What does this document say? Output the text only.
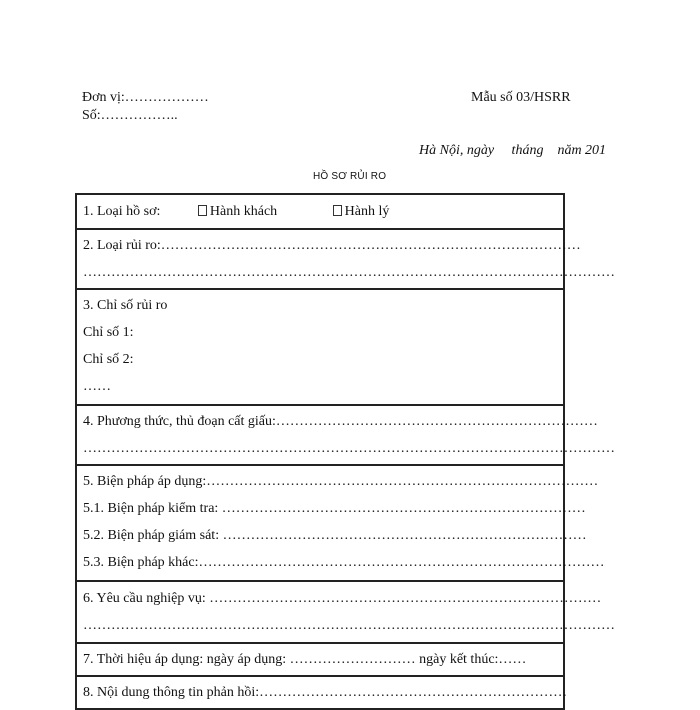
Đơn vị:………………
Số:……………..
Mẫu số 03/HSRR
Hà Nội, ngày     tháng    năm 201
HỒ SƠ RỦI RO
1. Loại hồ sơ:	Hành khách	Hành lý
2. Loại rủi ro:………………………………………………………………………………
……………………………………………………………………………………………………
3. Chỉ số rủi ro
Chỉ số 1:
Chỉ số 2:
……
4. Phương thức, thủ đoạn cất giấu:……………………………………………………………
……………………………………………………………………………………………………
5. Biện pháp áp dụng:…………………………………………………………………………
5.1. Biện pháp kiểm tra: ……………………………………………………………………
5.2. Biện pháp giám sát: ……………………………………………………………………
5.3. Biện pháp khác:……………………………………………………………………………
6. Yêu cầu nghiệp vụ: …………………………………………………………………………
……………………………………………………………………………………………………
7. Thời hiệu áp dụng: ngày áp dụng: ……………………… ngày kết thúc:……
8. Nội dung thông tin phản hồi:…………………………………………………………
